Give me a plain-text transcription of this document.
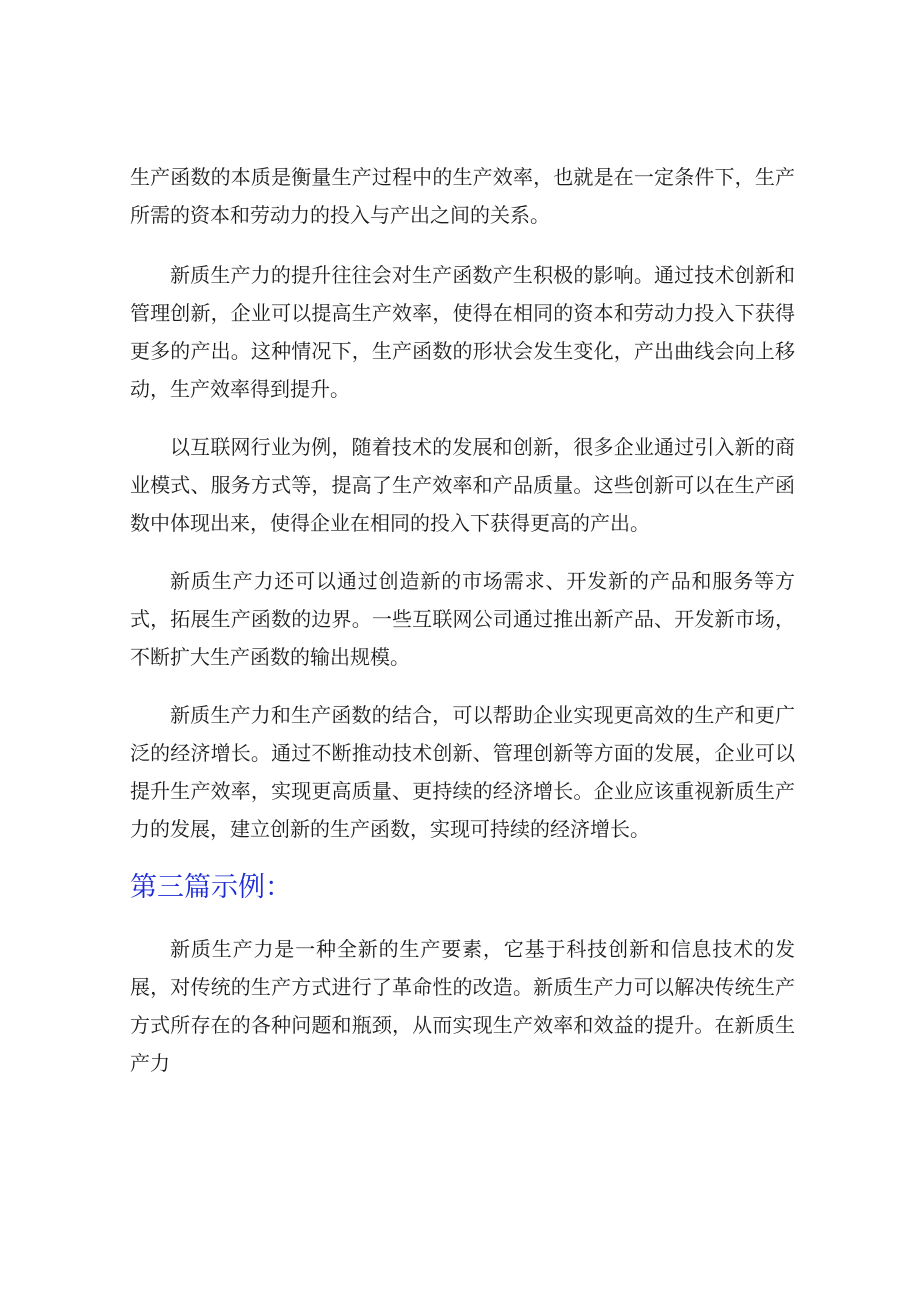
生产函数的本质是衡量生产过程中的生产效率，也就是在一定条件下，生产所需的资本和劳动力的投入与产出之间的关系。

新质生产力的提升往往会对生产函数产生积极的影响。通过技术创新和管理创新，企业可以提高生产效率，使得在相同的资本和劳动力投入下获得更多的产出。这种情况下，生产函数的形状会发生变化，产出曲线会向上移动，生产效率得到提升。

以互联网行业为例，随着技术的发展和创新，很多企业通过引入新的商业模式、服务方式等，提高了生产效率和产品质量。这些创新可以在生产函数中体现出来，使得企业在相同的投入下获得更高的产出。

新质生产力还可以通过创造新的市场需求、开发新的产品和服务等方式，拓展生产函数的边界。一些互联网公司通过推出新产品、开发新市场，不断扩大生产函数的输出规模。

新质生产力和生产函数的结合，可以帮助企业实现更高效的生产和更广泛的经济增长。通过不断推动技术创新、管理创新等方面的发展，企业可以提升生产效率，实现更高质量、更持续的经济增长。企业应该重视新质生产力的发展，建立创新的生产函数，实现可持续的经济增长。

第三篇示例：

新质生产力是一种全新的生产要素，它基于科技创新和信息技术的发展，对传统的生产方式进行了革命性的改造。新质生产力可以解决传统生产方式所存在的各种问题和瓶颈，从而实现生产效率和效益的提升。在新质生产力
